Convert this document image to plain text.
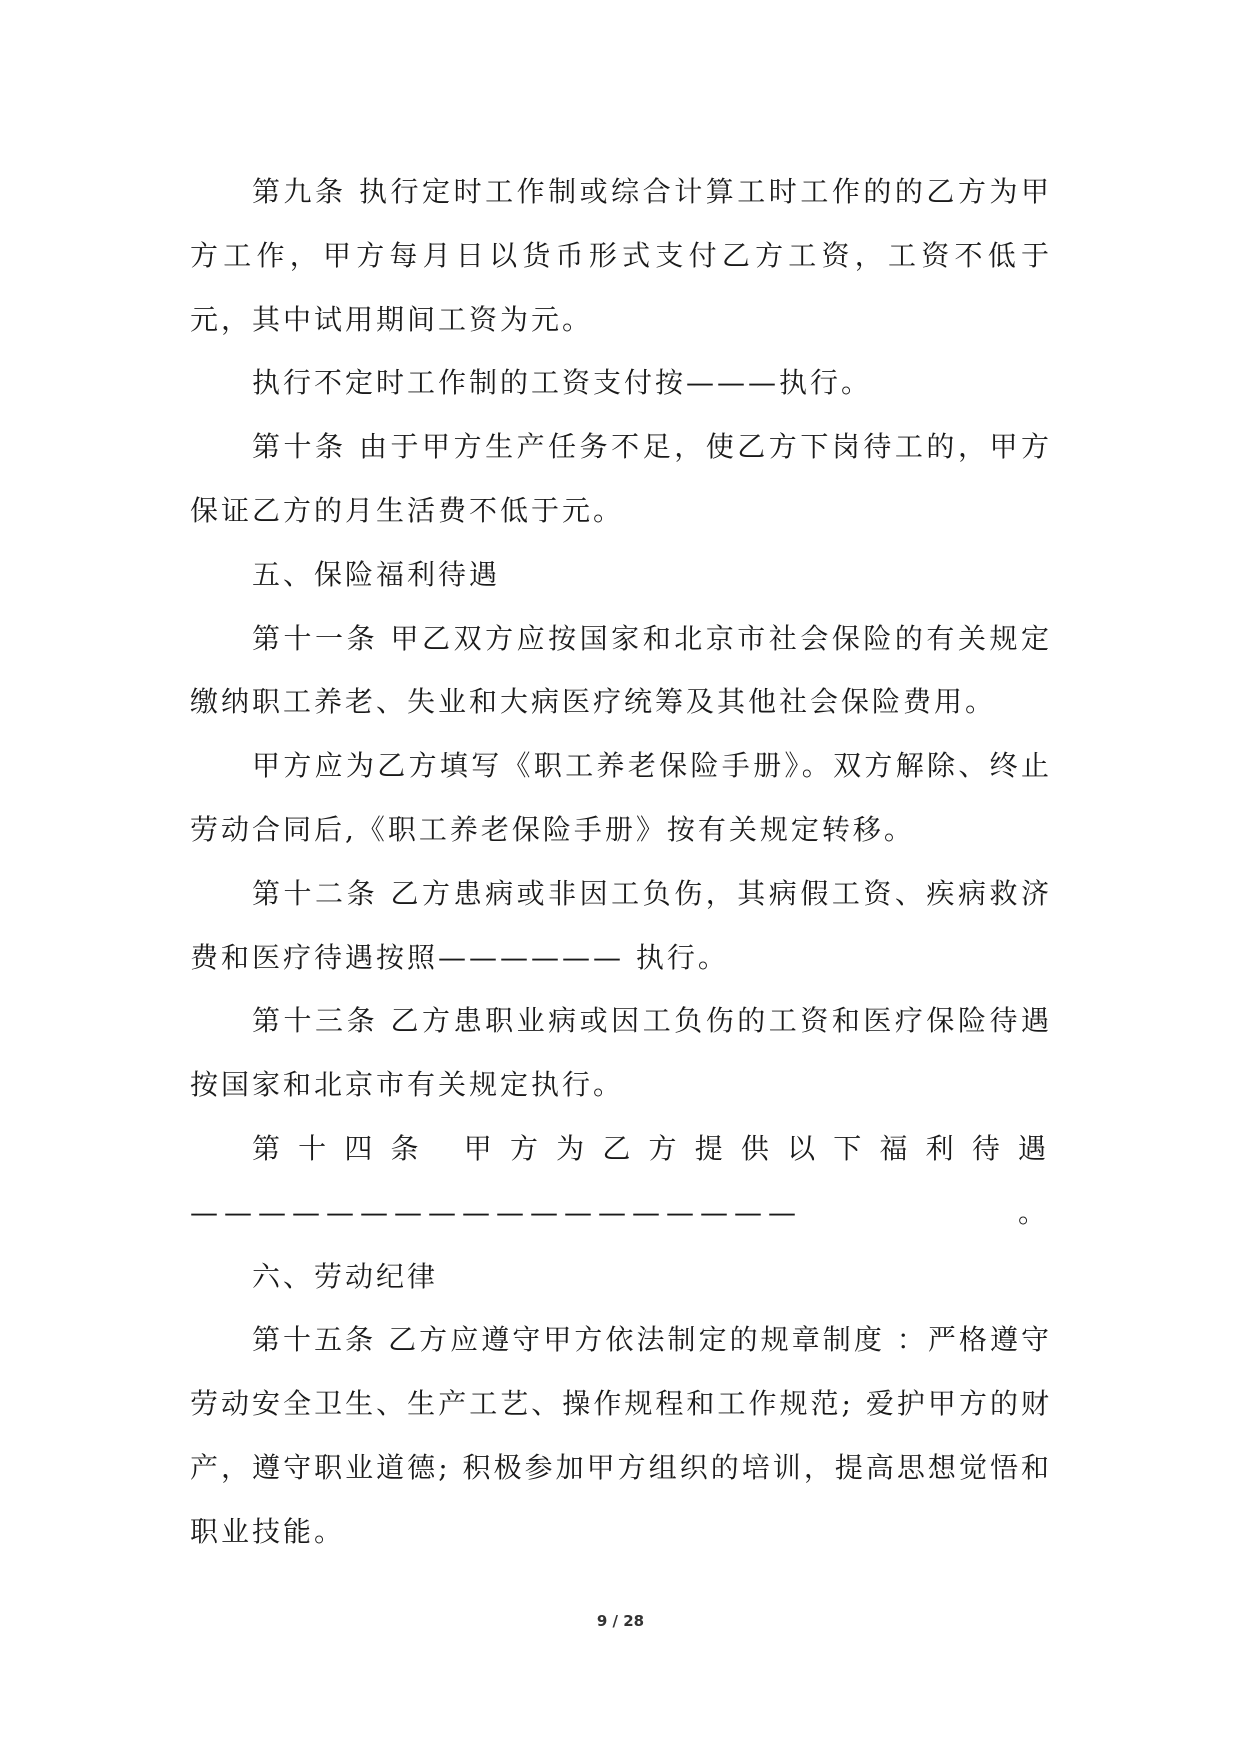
第九条 执行定时工作制或综合计算工时工作的的乙方为甲方工作，甲方每月日以货币形式支付乙方工资，工资不低于元，其中试用期间工资为元。

执行不定时工作制的工资支付按———执行。

第十条 由于甲方生产任务不足，使乙方下岗待工的，甲方保证乙方的月生活费不低于元。

五、保险福利待遇

第十一条 甲乙双方应按国家和北京市社会保险的有关规定缴纳职工养老、失业和大病医疗统筹及其他社会保险费用。

甲方应为乙方填写《职工养老保险手册》。双方解除、终止劳动合同后,《职工养老保险手册》按有关规定转移。

第十二条 乙方患病或非因工负伤，其病假工资、疾病救济费和医疗待遇按照—————— 执行。

第十三条 乙方患职业病或因工负伤的工资和医疗保险待遇按国家和北京市有关规定执行。

第十四条 甲方为乙方提供以下福利待遇——————————————————。

六、劳动纪律

第十五条 乙方应遵守甲方依法制定的规章制度 ：严格遵守劳动安全卫生、生产工艺、操作规程和工作规范; 爱护甲方的财产，遵守职业道德; 积极参加甲方组织的培训，提高思想觉悟和职业技能。

9 / 28
